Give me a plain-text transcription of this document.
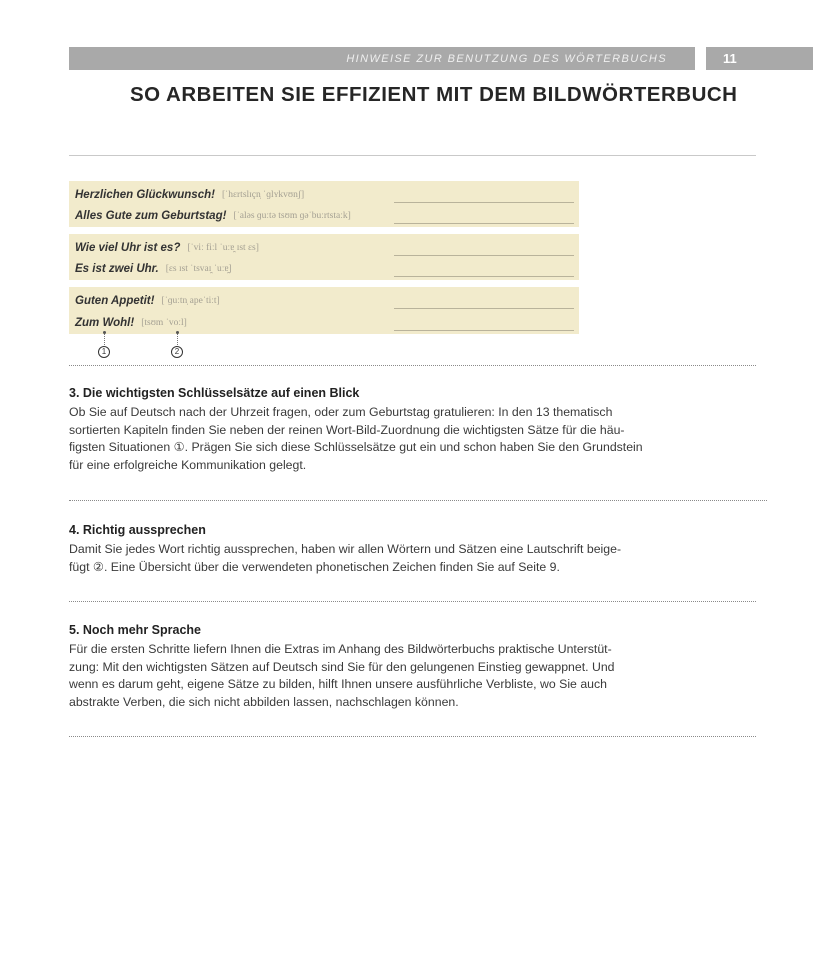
HINWEISE ZUR BENUTZUNG DES WÖRTERBUCHS	11
SO ARBEITEN SIE EFFIZIENT MIT DEM BILDWÖRTERBUCH
Herzlichen Glückwunsch! [ˈhɛrtslɪçn̩ ˈɡlʏkvʊnʃ]
Alles Gute zum Geburtstag! [ˈaləs ɡuːtə tsʊm ɡəˈbuːrtstaːk]
Wie viel Uhr ist es? [ˈviː fiːl ˈuːɐ̯ ɪst ɛs]
Es ist zwei Uhr. [ɛs ɪst ˈtsvaɪ̯ ˈuːɐ̯]
Guten Appetit! [ˈɡuːtn̩ apeˈtiːt]
Zum Wohl! [tsʊm ˈvoːl]
1	2
3. Die wichtigsten Schlüsselsätze auf einen Blick

Ob Sie auf Deutsch nach der Uhrzeit fragen, oder zum Geburtstag gratulieren: In den 13 thematisch
sortierten Kapiteln finden Sie neben der reinen Wort-Bild-Zuordnung die wichtigsten Sätze für die häu-
figsten Situationen ①. Prägen Sie sich diese Schlüsselsätze gut ein und schon haben Sie den Grundstein
für eine erfolgreiche Kommunikation gelegt.

4. Richtig aussprechen

Damit Sie jedes Wort richtig aussprechen, haben wir allen Wörtern und Sätzen eine Lautschrift beige-
fügt ②. Eine Übersicht über die verwendeten phonetischen Zeichen finden Sie auf Seite 9.

5. Noch mehr Sprache

Für die ersten Schritte liefern Ihnen die Extras im Anhang des Bildwörterbuchs praktische Unterstüt-
zung: Mit den wichtigsten Sätzen auf Deutsch sind Sie für den gelungenen Einstieg gewappnet. Und
wenn es darum geht, eigene Sätze zu bilden, hilft Ihnen unsere ausführliche Verbliste, wo Sie auch
abstrakte Verben, die sich nicht abbilden lassen, nachschlagen können.
